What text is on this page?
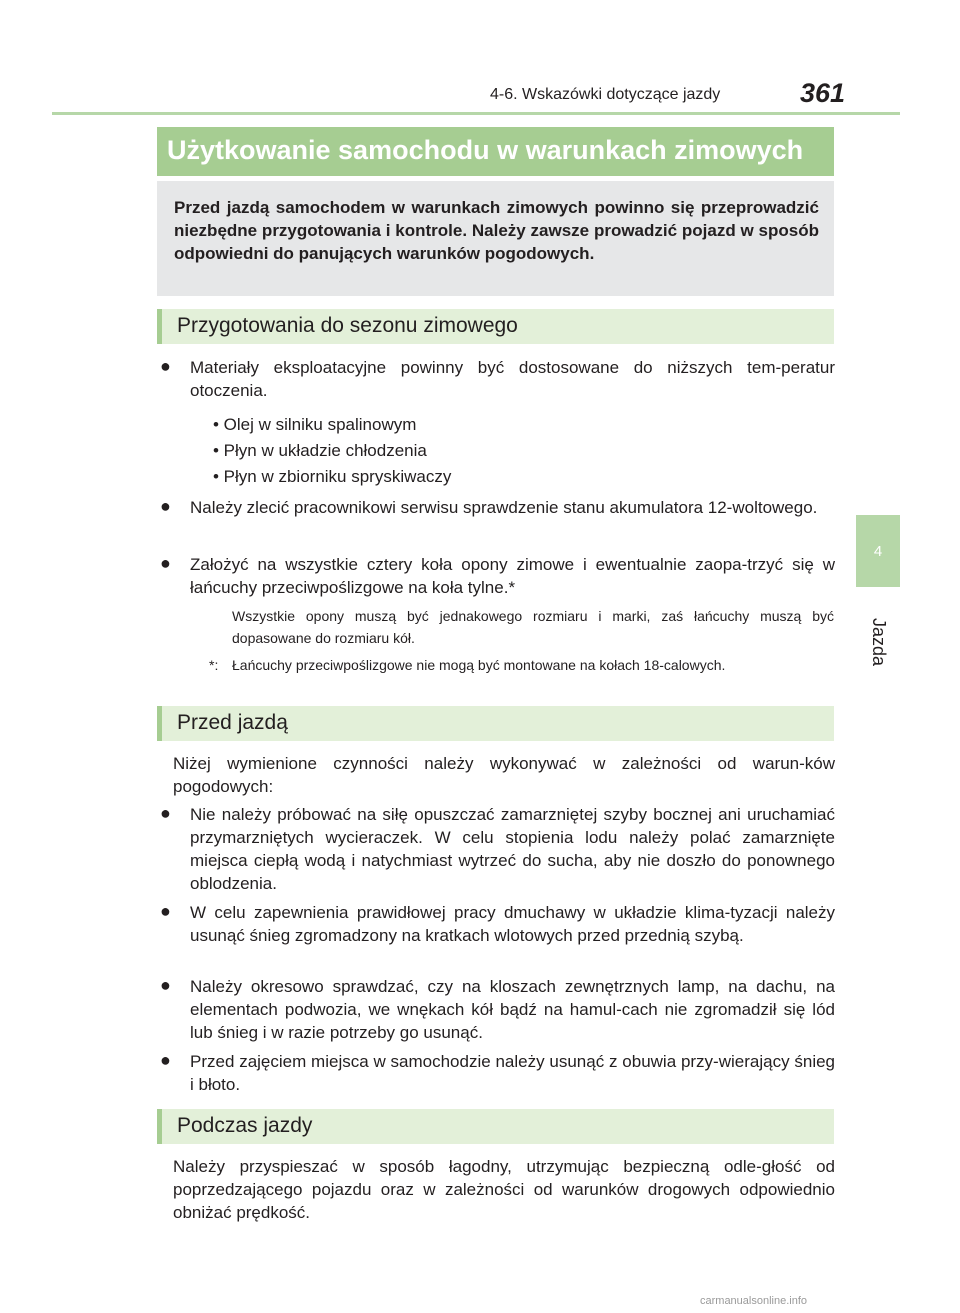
4-6. Wskazówki dotyczące jazdy	361
4
Jazda
Użytkowanie samochodu w warunkach zimowych
Przed jazdą samochodem w warunkach zimowych powinno się przeprowadzić niezbędne przygotowania i kontrole. Należy zawsze prowadzić pojazd w sposób odpowiedni do panujących warunków pogodowych.
Przygotowania do sezonu zimowego
● Materiały eksploatacyjne powinny być dostosowane do niższych tem-peratur otoczenia.
• Olej w silniku spalinowym
• Płyn w układzie chłodzenia
• Płyn w zbiorniku spryskiwaczy
● Należy zlecić pracownikowi serwisu sprawdzenie stanu akumulatora 12-woltowego.
● Założyć na wszystkie cztery koła opony zimowe i ewentualnie zaopa-trzyć się w łańcuchy przeciwpoślizgowe na koła tylne.*
Wszystkie opony muszą być jednakowego rozmiaru i marki, zaś łańcuchy muszą być dopasowane do rozmiaru kół.
*: Łańcuchy przeciwpoślizgowe nie mogą być montowane na kołach 18-calowych.
Przed jazdą
Niżej wymienione czynności należy wykonywać w zależności od warun-ków pogodowych:
● Nie należy próbować na siłę opuszczać zamarzniętej szyby bocznej ani uruchamiać przymarzniętych wycieraczek. W celu stopienia lodu należy polać zamarznięte miejsca ciepłą wodą i natychmiast wytrzeć do sucha, aby nie doszło do ponownego oblodzenia.
● W celu zapewnienia prawidłowej pracy dmuchawy w układzie klima-tyzacji należy usunąć śnieg zgromadzony na kratkach wlotowych przed przednią szybą.
● Należy okresowo sprawdzać, czy na kloszach zewnętrznych lamp, na dachu, na elementach podwozia, we wnękach kół bądź na hamul-cach nie zgromadził się lód lub śnieg i w razie potrzeby go usunąć.
● Przed zajęciem miejsca w samochodzie należy usunąć z obuwia przy-wierający śnieg i błoto.
Podczas jazdy
Należy przyspieszać w sposób łagodny, utrzymując bezpieczną odle-głość od poprzedzającego pojazdu oraz w zależności od warunków drogowych odpowiednio obniżać prędkość.
carmanualsonline.info
